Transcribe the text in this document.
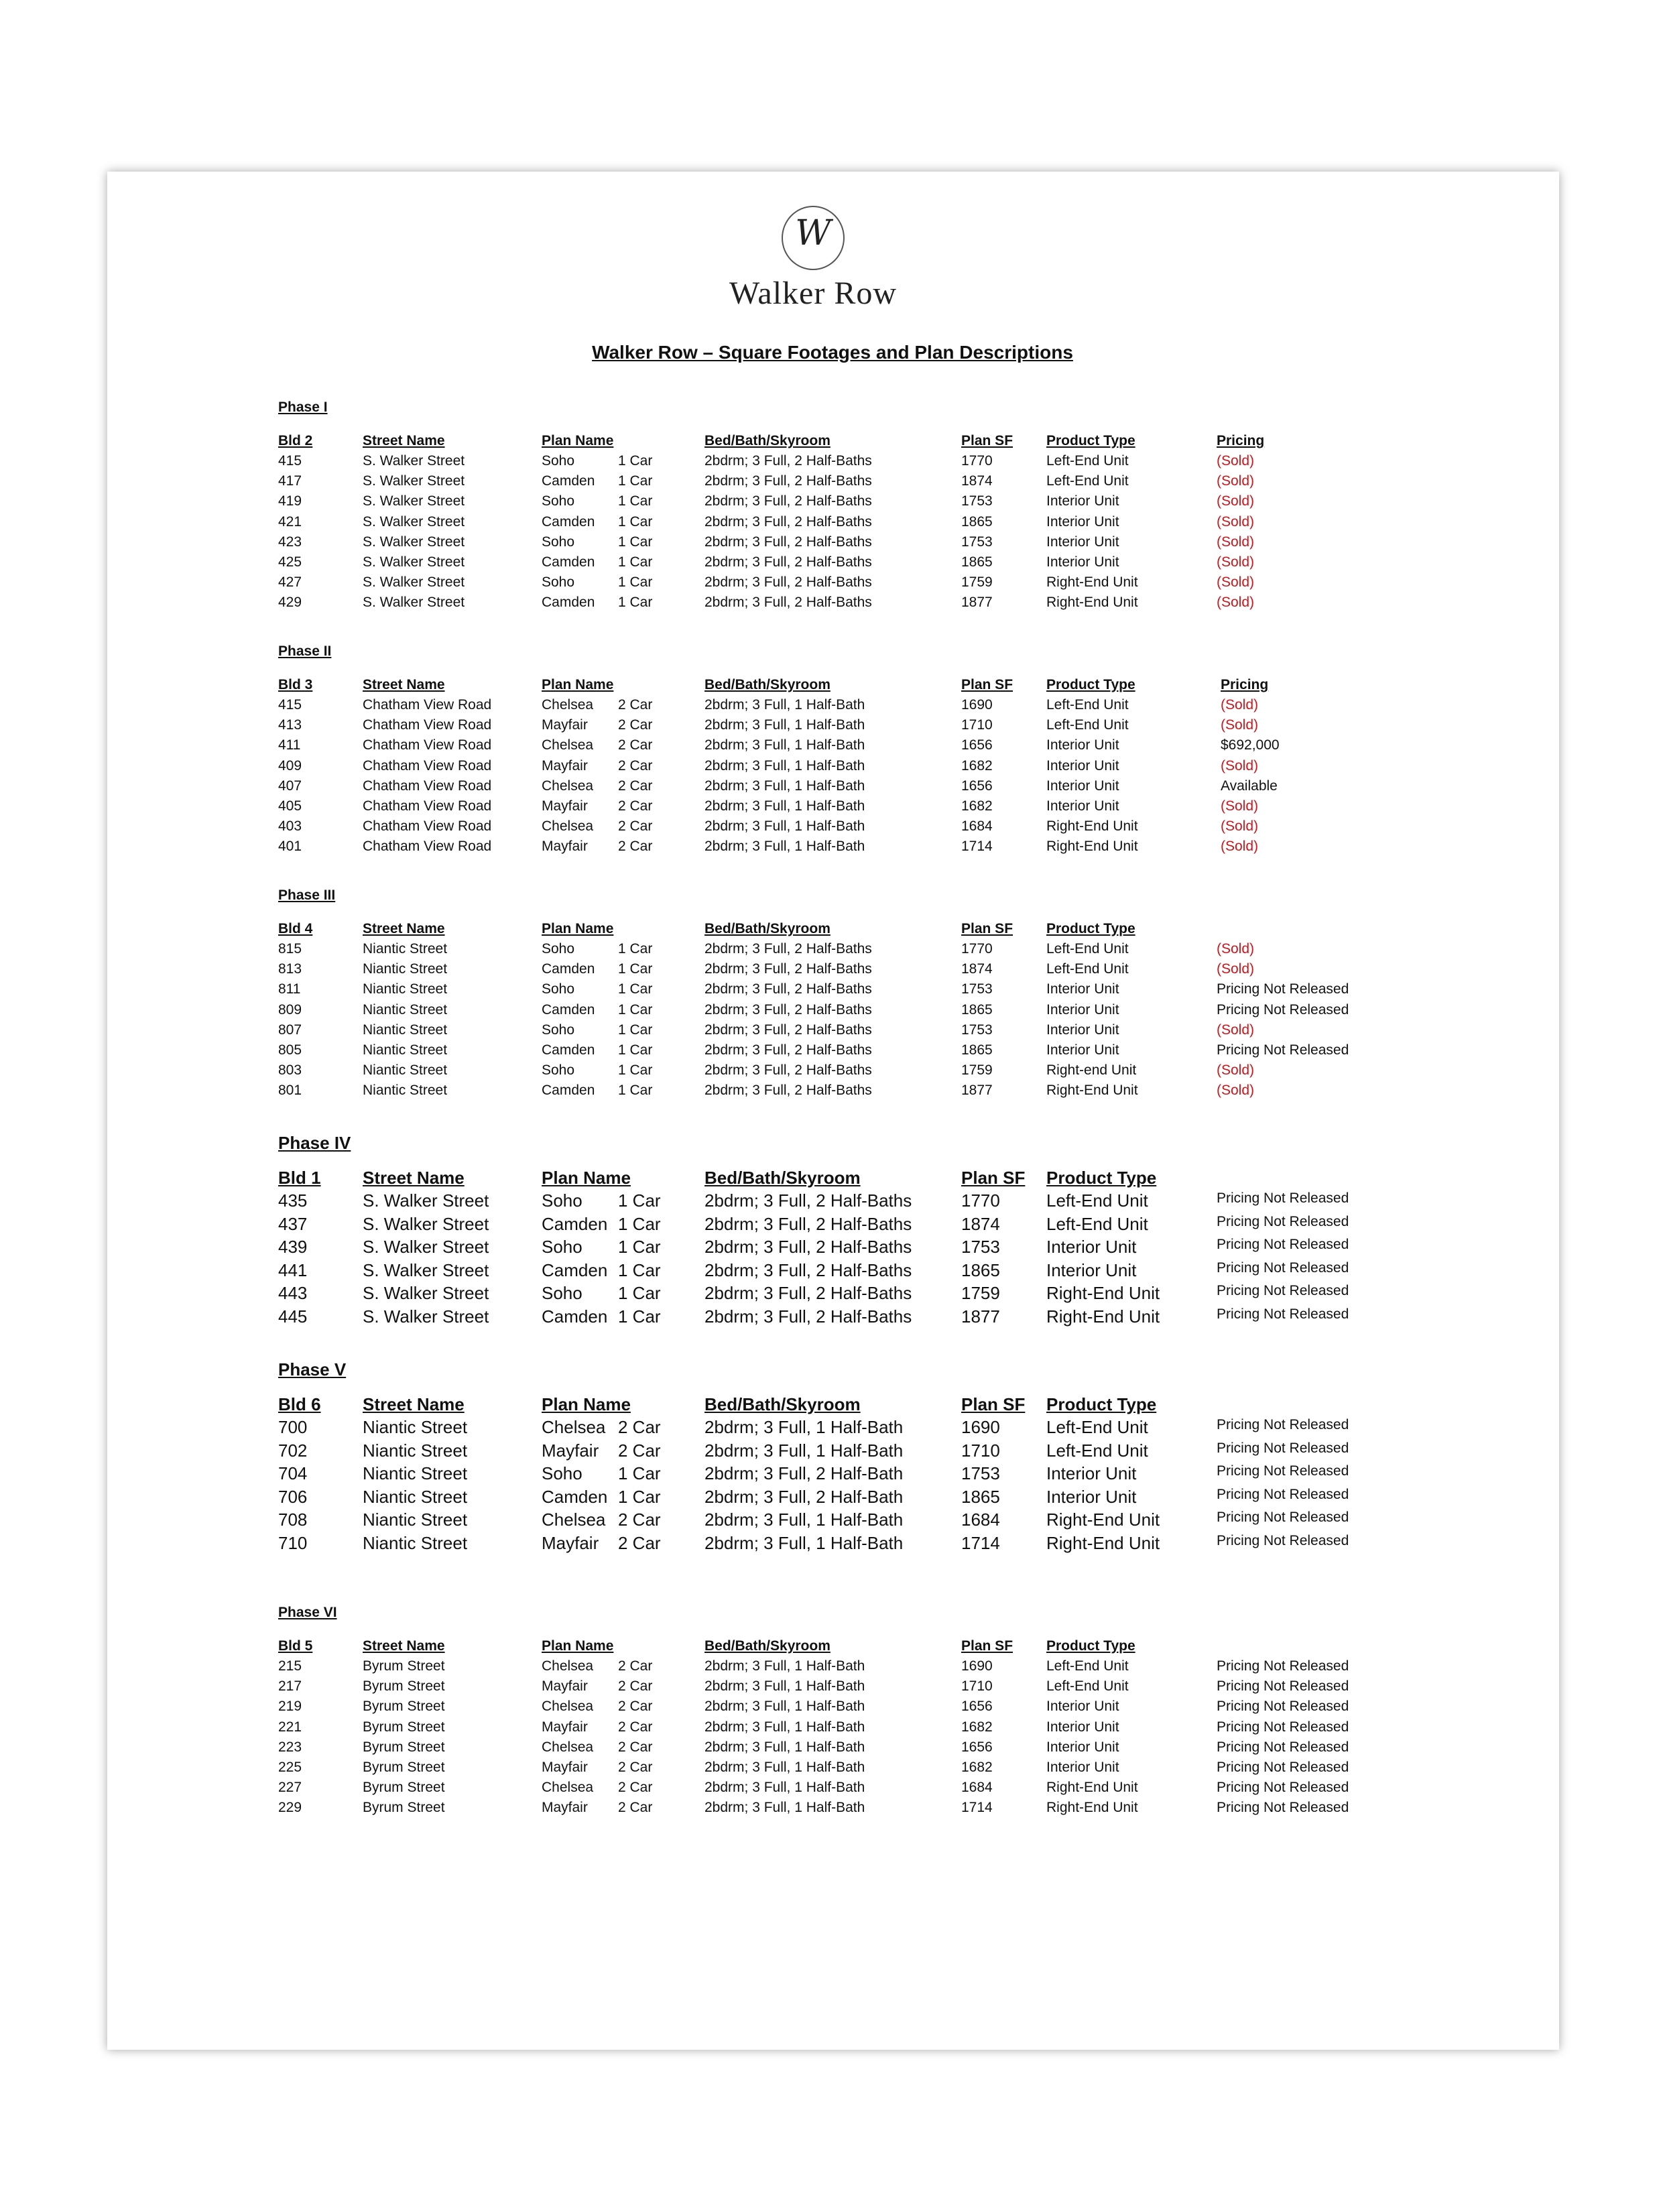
W
Walker Row
Walker Row – Square Footages and Plan Descriptions
Phase I
Bld 2	Street Name	Plan Name	Bed/Bath/Skyroom	Plan SF Product Type	Pricing
415	S. Walker Street	Soho	1 Car	2bdrm; 3 Full, 2 Half-Baths	1770	Left-End Unit	(Sold)
417	S. Walker Street	Camden 1 Car	2bdrm; 3 Full, 2 Half-Baths	1874	Left-End Unit	(Sold)
419	S. Walker Street	Soho	1 Car	2bdrm; 3 Full, 2 Half-Baths	1753	Interior Unit	(Sold)
421	S. Walker Street	Camden 1 Car	2bdrm; 3 Full, 2 Half-Baths	1865	Interior Unit	(Sold)
423	S. Walker Street	Soho	1 Car	2bdrm; 3 Full, 2 Half-Baths	1753	Interior Unit	(Sold)
425	S. Walker Street	Camden 1 Car	2bdrm; 3 Full, 2 Half-Baths	1865	Interior Unit	(Sold)
427	S. Walker Street	Soho	1 Car	2bdrm; 3 Full, 2 Half-Baths	1759	Right-End Unit	(Sold)
429	S. Walker Street	Camden 1 Car	2bdrm; 3 Full, 2 Half-Baths	1877	Right-End Unit	(Sold)
Phase II
Bld 3	Street Name	Plan Name	Bed/Bath/Skyroom	Plan SF Product Type	Pricing
415	Chatham View Road	Chelsea 2 Car	2bdrm; 3 Full, 1 Half-Bath	1690	Left-End Unit	(Sold)
413	Chatham View Road	Mayfair 2 Car	2bdrm; 3 Full, 1 Half-Bath	1710	Left-End Unit	(Sold)
411	Chatham View Road	Chelsea 2 Car	2bdrm; 3 Full, 1 Half-Bath	1656	Interior Unit	$692,000
409	Chatham View Road	Mayfair 2 Car	2bdrm; 3 Full, 1 Half-Bath	1682	Interior Unit	(Sold)
407	Chatham View Road	Chelsea 2 Car	2bdrm; 3 Full, 1 Half-Bath	1656	Interior Unit	Available
405	Chatham View Road	Mayfair 2 Car	2bdrm; 3 Full, 1 Half-Bath	1682	Interior Unit	(Sold)
403	Chatham View Road	Chelsea 2 Car	2bdrm; 3 Full, 1 Half-Bath	1684	Right-End Unit	(Sold)
401	Chatham View Road	Mayfair 2 Car	2bdrm; 3 Full, 1 Half-Bath	1714	Right-End Unit	(Sold)
Phase III
Bld 4	Street Name	Plan Name	Bed/Bath/Skyroom	Plan SF Product Type
815	Niantic Street	Soho	1 Car	2bdrm; 3 Full, 2 Half-Baths	1770	Left-End Unit	(Sold)
813	Niantic Street	Camden 1 Car	2bdrm; 3 Full, 2 Half-Baths	1874	Left-End Unit	(Sold)
811	Niantic Street	Soho	1 Car	2bdrm; 3 Full, 2 Half-Baths	1753	Interior Unit	Pricing Not Released
809	Niantic Street	Camden 1 Car	2bdrm; 3 Full, 2 Half-Baths	1865	Interior Unit	Pricing Not Released
807	Niantic Street	Soho	1 Car	2bdrm; 3 Full, 2 Half-Baths	1753	Interior Unit	(Sold)
805	Niantic Street	Camden 1 Car	2bdrm; 3 Full, 2 Half-Baths	1865	Interior Unit	Pricing Not Released
803	Niantic Street	Soho	1 Car	2bdrm; 3 Full, 2 Half-Baths	1759	Right-end Unit	(Sold)
801	Niantic Street	Camden 1 Car	2bdrm; 3 Full, 2 Half-Baths	1877	Right-End Unit	(Sold)
Phase IV
Bld 1 Street Name	Plan Name	Bed/Bath/Skyroom	Plan SF Product Type
435	S. Walker Street	Soho 1 Car	2bdrm; 3 Full, 2 Half-Baths	1770	Left-End Unit	Pricing Not Released
437	S. Walker Street	Camden 1 Car	2bdrm; 3 Full, 2 Half-Baths	1874	Left-End Unit	Pricing Not Released
439	S. Walker Street	Soho 1 Car	2bdrm; 3 Full, 2 Half-Baths	1753	Interior Unit	Pricing Not Released
441	S. Walker Street	Camden 1 Car	2bdrm; 3 Full, 2 Half-Baths	1865	Interior Unit	Pricing Not Released
443	S. Walker Street	Soho 1 Car	2bdrm; 3 Full, 2 Half-Baths	1759	Right-End Unit	Pricing Not Released
445	S. Walker Street	Camden 1 Car	2bdrm; 3 Full, 2 Half-Baths	1877	Right-End Unit	Pricing Not Released
Phase V
Bld 6 Street Name	Plan Name	Bed/Bath/Skyroom	Plan SF Product Type
700	Niantic Street	Chelsea 2 Car	2bdrm; 3 Full, 1 Half-Bath	1690	Left-End Unit	Pricing Not Released
702	Niantic Street	Mayfair 2 Car	2bdrm; 3 Full, 1 Half-Bath	1710	Left-End Unit	Pricing Not Released
704	Niantic Street	Soho 1 Car	2bdrm; 3 Full, 2 Half-Bath	1753	Interior Unit	Pricing Not Released
706	Niantic Street	Camden 1 Car	2bdrm; 3 Full, 2 Half-Bath	1865	Interior Unit	Pricing Not Released
708	Niantic Street	Chelsea 2 Car	2bdrm; 3 Full, 1 Half-Bath	1684	Right-End Unit	Pricing Not Released
710	Niantic Street	Mayfair 2 Car	2bdrm; 3 Full, 1 Half-Bath	1714	Right-End Unit	Pricing Not Released
Phase VI
Bld 5	Street Name	Plan Name	Bed/Bath/Skyroom	Plan SF Product Type
215	Byrum Street	Chelsea 2 Car	2bdrm; 3 Full, 1 Half-Bath	1690	Left-End Unit	Pricing Not Released
217	Byrum Street	Mayfair 2 Car	2bdrm; 3 Full, 1 Half-Bath	1710	Left-End Unit	Pricing Not Released
219	Byrum Street	Chelsea 2 Car	2bdrm; 3 Full, 1 Half-Bath	1656	Interior Unit	Pricing Not Released
221	Byrum Street	Mayfair 2 Car	2bdrm; 3 Full, 1 Half-Bath	1682	Interior Unit	Pricing Not Released
223	Byrum Street	Chelsea 2 Car	2bdrm; 3 Full, 1 Half-Bath	1656	Interior Unit	Pricing Not Released
225	Byrum Street	Mayfair 2 Car	2bdrm; 3 Full, 1 Half-Bath	1682	Interior Unit	Pricing Not Released
227	Byrum Street	Chelsea 2 Car	2bdrm; 3 Full, 1 Half-Bath	1684	Right-End Unit	Pricing Not Released
229	Byrum Street	Mayfair 2 Car	2bdrm; 3 Full, 1 Half-Bath	1714	Right-End Unit	Pricing Not Released
